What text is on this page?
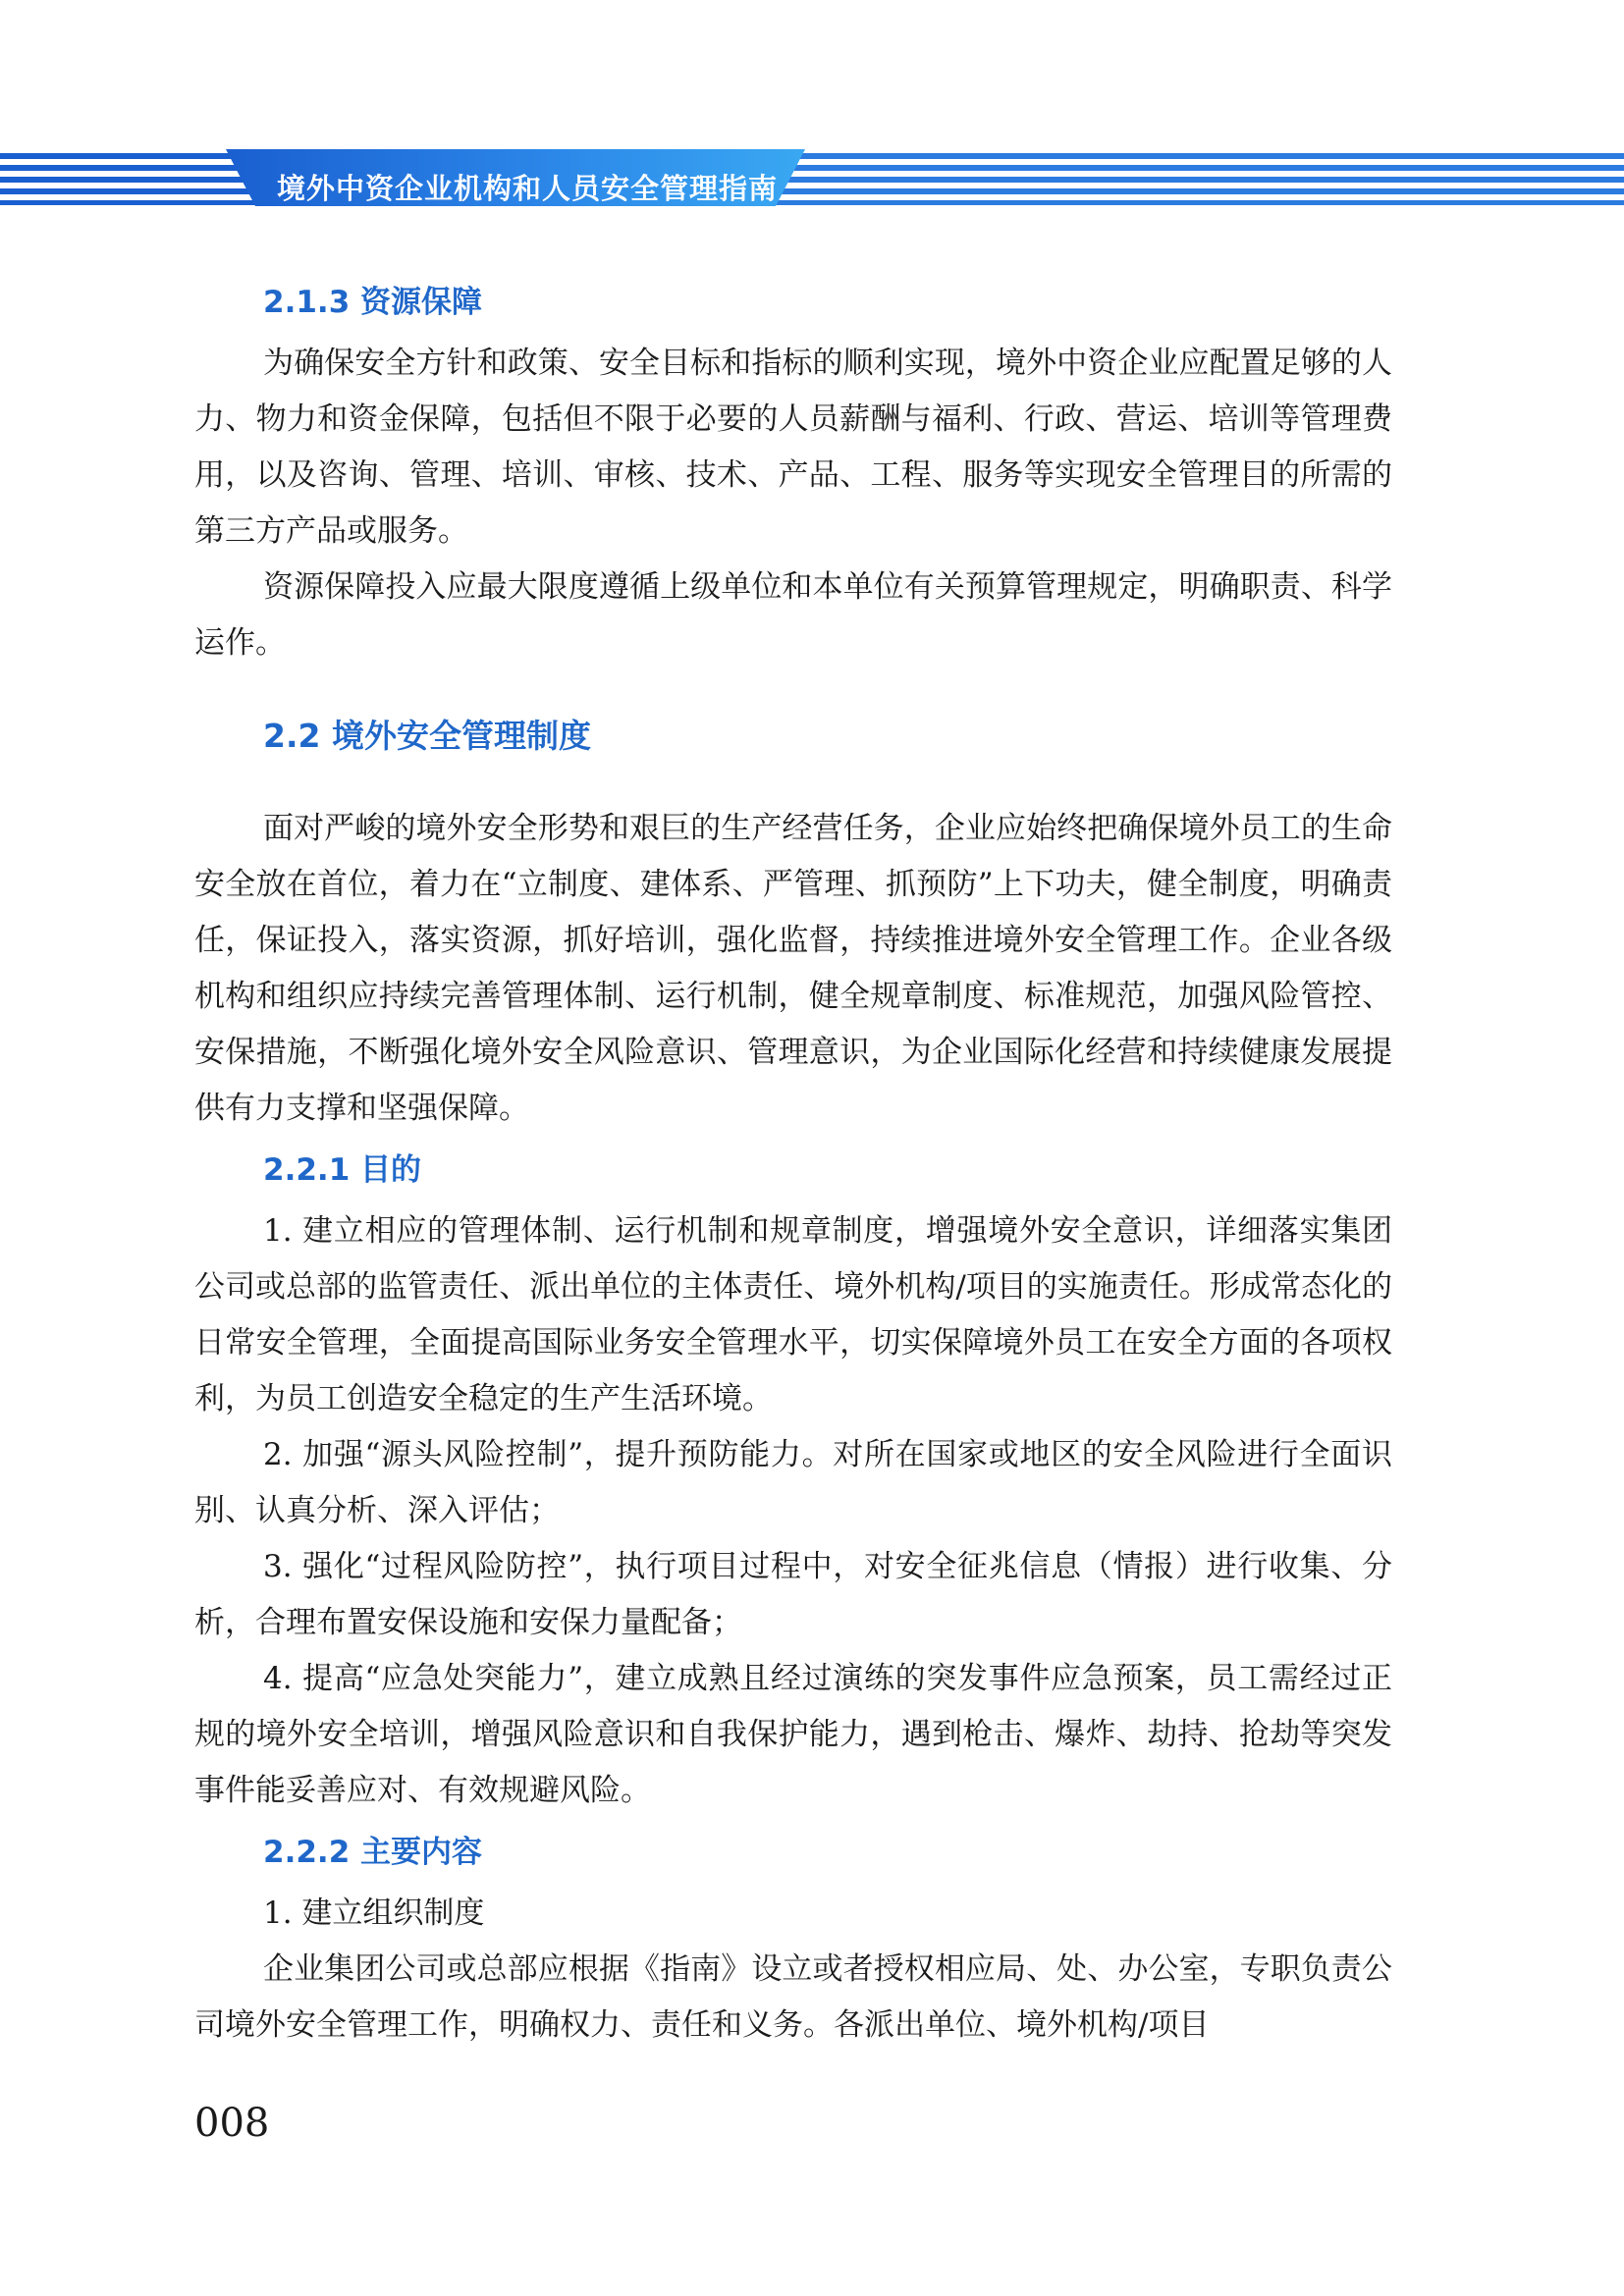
境外中资企业机构和人员安全管理指南
2.1.3 资源保障

为确保安全方针和政策、安全目标和指标的顺利实现，境外中资企业应配置足够的人力、物力和资金保障，包括但不限于必要的人员薪酬与福利、行政、营运、培训等管理费用，以及咨询、管理、培训、审核、技术、产品、工程、服务等实现安全管理目的所需的第三方产品或服务。

资源保障投入应最大限度遵循上级单位和本单位有关预算管理规定，明确职责、科学运作。

2.2 境外安全管理制度

面对严峻的境外安全形势和艰巨的生产经营任务，企业应始终把确保境外员工的生命安全放在首位，着力在“立制度、建体系、严管理、抓预防”上下功夫，健全制度，明确责任，保证投入，落实资源，抓好培训，强化监督，持续推进境外安全管理工作。企业各级机构和组织应持续完善管理体制、运行机制，健全规章制度、标准规范，加强风险管控、安保措施，不断强化境外安全风险意识、管理意识，为企业国际化经营和持续健康发展提供有力支撑和坚强保障。

2.2.1 目的

1. 建立相应的管理体制、运行机制和规章制度，增强境外安全意识，详细落实集团公司或总部的监管责任、派出单位的主体责任、境外机构/项目的实施责任。形成常态化的日常安全管理，全面提高国际业务安全管理水平，切实保障境外员工在安全方面的各项权利，为员工创造安全稳定的生产生活环境。

2. 加强“源头风险控制”，提升预防能力。对所在国家或地区的安全风险进行全面识别、认真分析、深入评估；

3. 强化“过程风险防控”，执行项目过程中，对安全征兆信息（情报）进行收集、分析，合理布置安保设施和安保力量配备；

4. 提高“应急处突能力”，建立成熟且经过演练的突发事件应急预案，员工需经过正规的境外安全培训，增强风险意识和自我保护能力，遇到枪击、爆炸、劫持、抢劫等突发事件能妥善应对、有效规避风险。

2.2.2 主要内容

1. 建立组织制度

企业集团公司或总部应根据《指南》设立或者授权相应局、处、办公室，专职负责公司境外安全管理工作，明确权力、责任和义务。各派出单位、境外机构/项目

008
